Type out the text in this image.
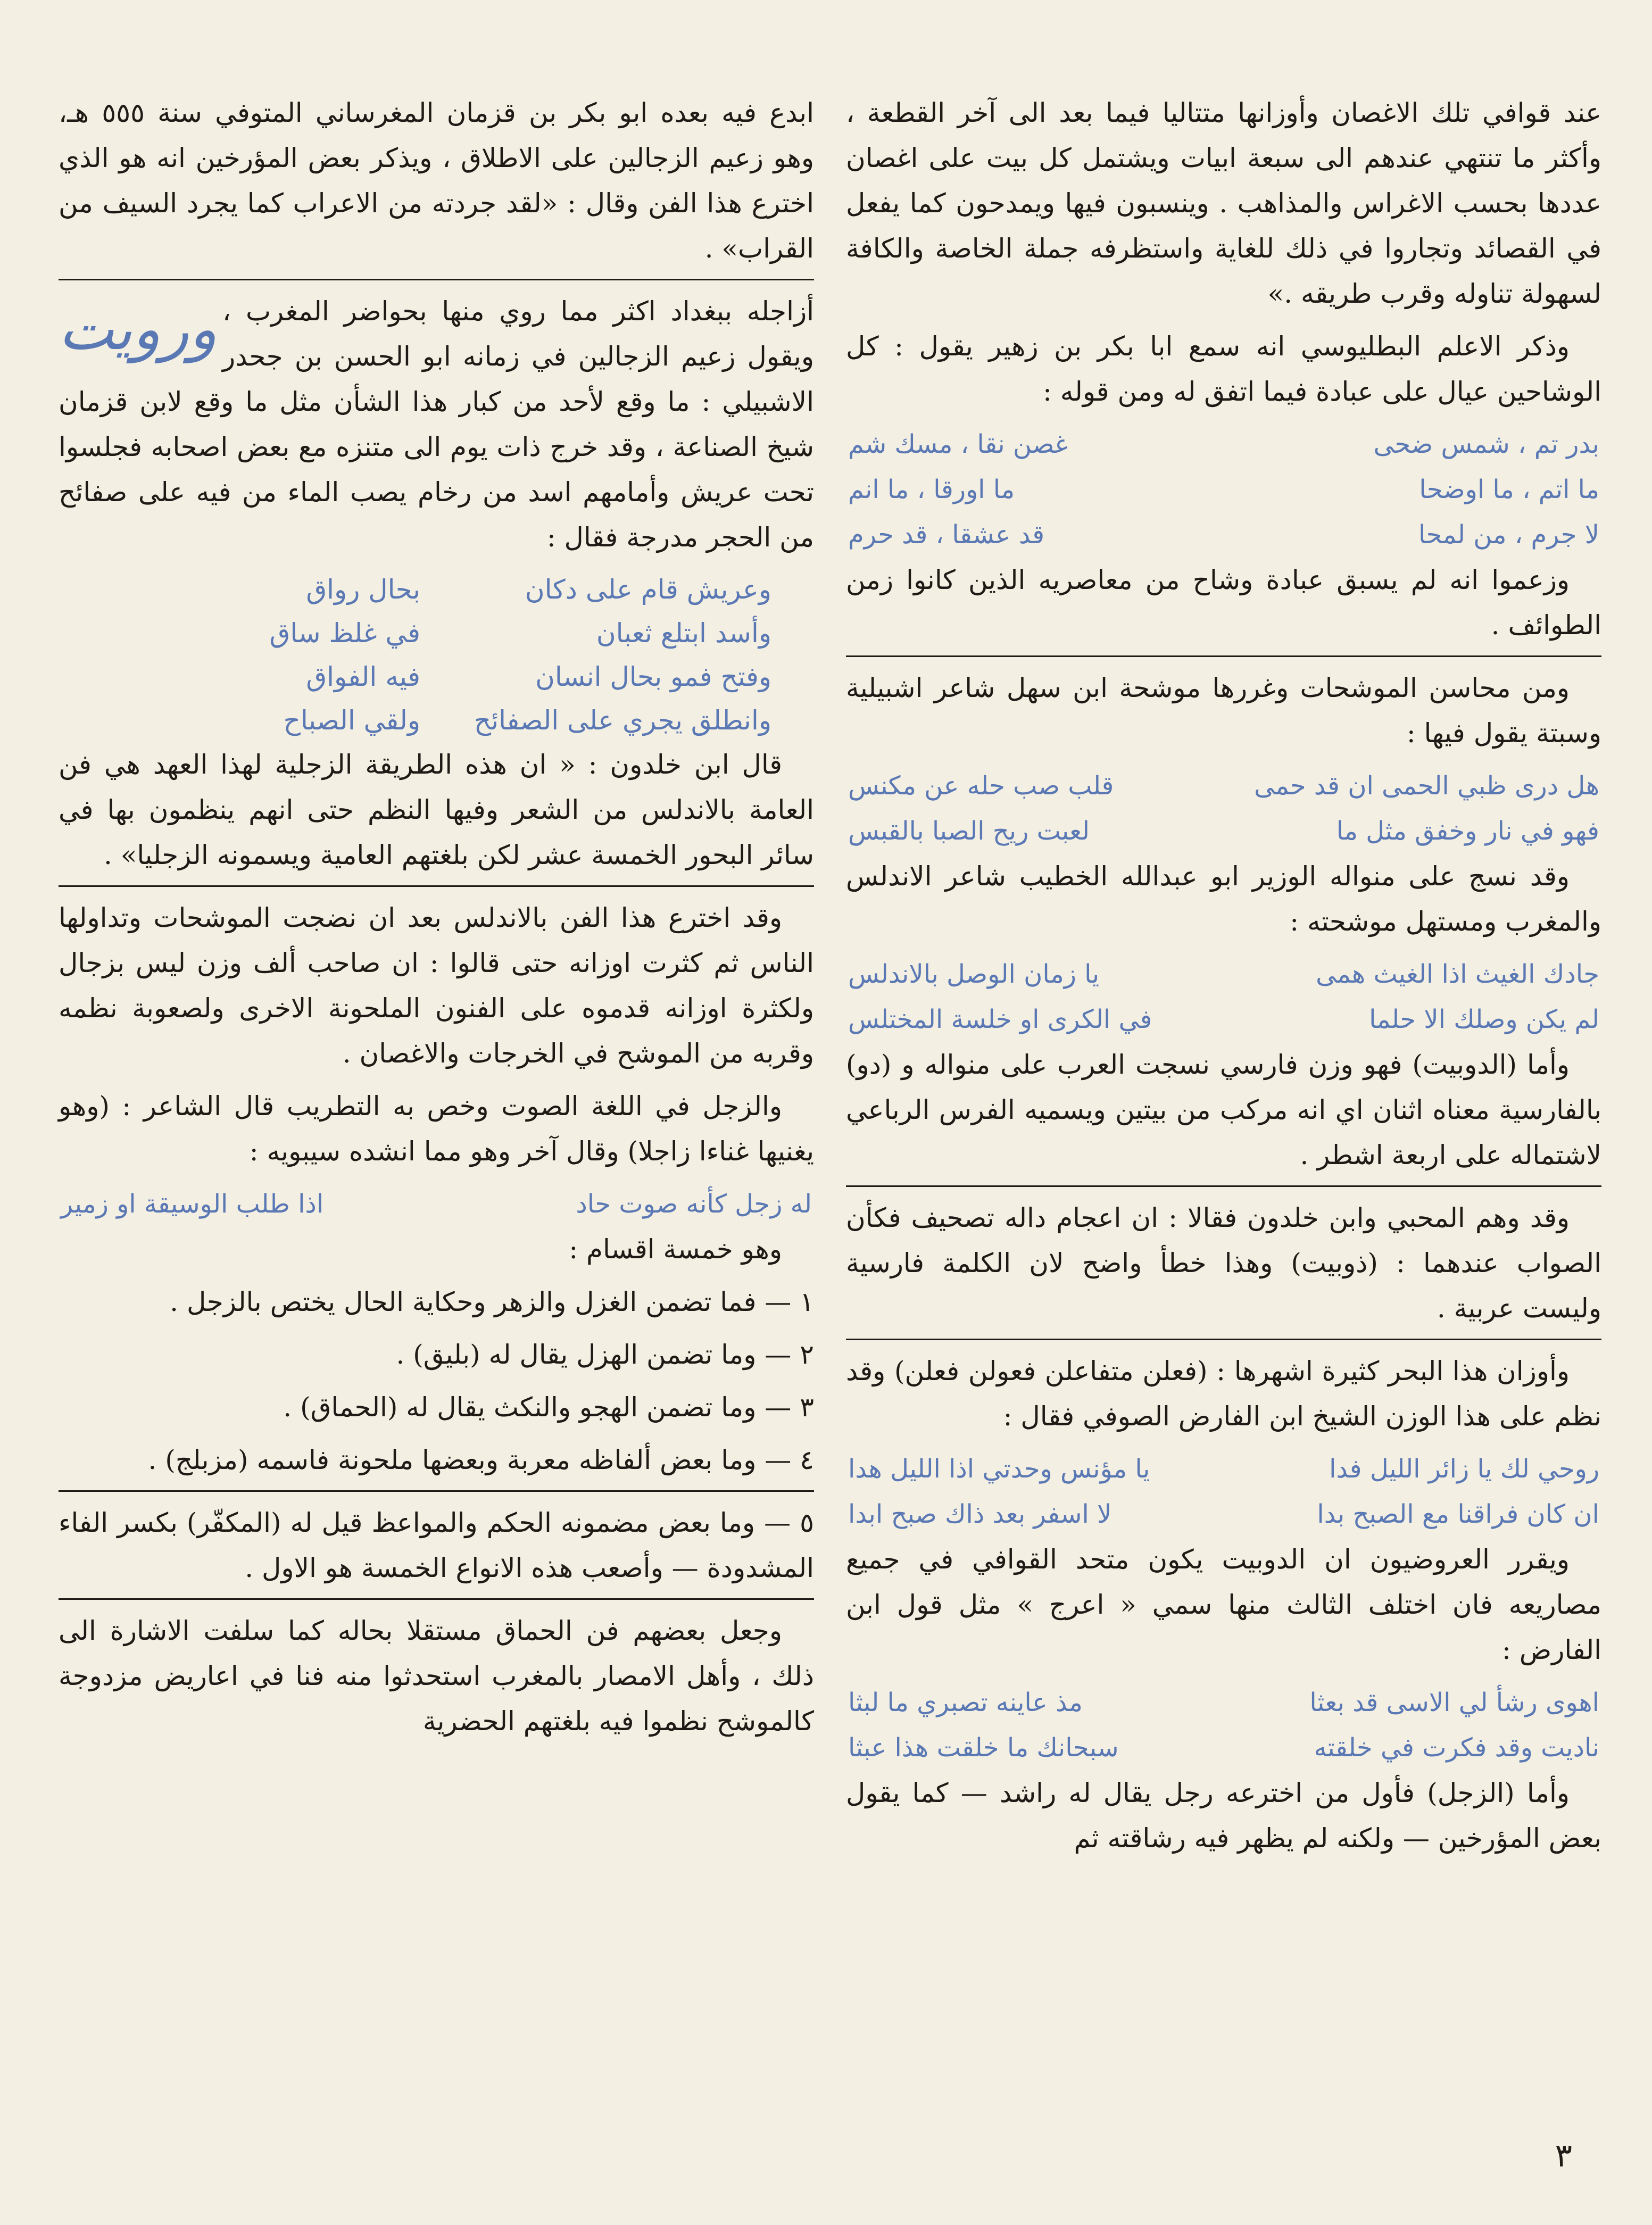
عند قوافي تلك الاغصان وأوزانها متتاليا فيما بعد الى آخر القطعة ، وأكثر ما تنتهي عندهم الى سبعة ابيات ويشتمل كل بيت على اغصان عددها بحسب الاغراس والمذاهب . وينسبون فيها ويمدحون كما يفعل في القصائد وتجاروا في ذلك للغاية واستظرفه جملة الخاصة والكافة لسهولة تناوله وقرب طريقه .»

وذكر الاعلم البطليوسي انه سمع ابا بكر بن زهير يقول : كل الوشاحين عيال على عبادة فيما اتفق له ومن قوله :

بدر تم ، شمس ضحى
غصن نقا ، مسك شم
ما اتم ، ما اوضحا
ما اورقا ، ما انم
لا جرم ، من لمحا
قد عشقا ، قد حرم

وزعموا انه لم يسبق عبادة وشاح من معاصريه الذين كانوا زمن الطوائف .

ومن محاسن الموشحات وغررها موشحة ابن سهل شاعر اشبيلية وسبتة يقول فيها :

هل درى ظبي الحمى ان قد حمى
قلب صب حله عن مكنس
فهو في نار وخفق مثل ما
لعبت ريح الصبا بالقبس

وقد نسج على منواله الوزير ابو عبدالله الخطيب شاعر الاندلس والمغرب ومستهل موشحته :

جادك الغيث اذا الغيث همى
يا زمان الوصل بالاندلس
لم يكن وصلك الا حلما
في الكرى او خلسة المختلس

وأما (الدوبيت) فهو وزن فارسي نسجت العرب على منواله و (دو) بالفارسية معناه اثنان اي انه مركب من بيتين ويسميه الفرس الرباعي لاشتماله على اربعة اشطر .

وقد وهم المحبي وابن خلدون فقالا : ان اعجام داله تصحيف فكأن الصواب عندهما : (ذوبيت) وهذا خطأ واضح لان الكلمة فارسية وليست عربية .

وأوزان هذا البحر كثيرة اشهرها : (فعلن متفاعلن فعولن فعلن) وقد نظم على هذا الوزن الشيخ ابن الفارض الصوفي فقال :

روحي لك يا زائر الليل فدا
يا مؤنس وحدتي اذا الليل هدا
ان كان فراقنا مع الصبح بدا
لا اسفر بعد ذاك صبح ابدا

ويقرر العروضيون ان الدوبيت يكون متحد القوافي في جميع مصاريعه فان اختلف الثالث منها سمي « اعرج » مثل قول ابن الفارض :

اهوى رشأ لي الاسى قد بعثا
مذ عاينه تصبري ما لبثا
ناديت وقد فكرت في خلقته
سبحانك ما خلقت هذا عبثا

وأما (الزجل) فأول من اخترعه رجل يقال له راشد — كما يقول بعض المؤرخين — ولكنه لم يظهر فيه رشاقته ثم

ابدع فيه بعده ابو بكر بن قزمان المغرساني المتوفي سنة ٥٥٥ هـ، وهو زعيم الزجالين على الاطلاق ، ويذكر بعض المؤرخين انه هو الذي اخترع هذا الفن وقال : «لقد جردته من الاعراب كما يجرد السيف من القراب» .

ورويت أزاجله ببغداد اكثر مما روي منها بحواضر المغرب ، ويقول زعيم الزجالين في زمانه ابو الحسن بن جحدر الاشبيلي : ما وقع لأحد من كبار هذا الشأن مثل ما وقع لابن قزمان شيخ الصناعة ، وقد خرج ذات يوم الى متنزه مع بعض اصحابه فجلسوا تحت عريش وأمامهم اسد من رخام يصب الماء من فيه على صفائح من الحجر مدرجة فقال :

وعريش قام على دكان
بحال رواق
وأسد ابتلع ثعبان
في غلظ ساق
وفتح فمو بحال انسان
فيه الفواق
وانطلق يجري على الصفائح
ولقي الصباح

قال ابن خلدون : « ان هذه الطريقة الزجلية لهذا العهد هي فن العامة بالاندلس من الشعر وفيها النظم حتى انهم ينظمون بها في سائر البحور الخمسة عشر لكن بلغتهم العامية ويسمونه الزجليا» .

وقد اخترع هذا الفن بالاندلس بعد ان نضجت الموشحات وتداولها الناس ثم كثرت اوزانه حتى قالوا : ان صاحب ألف وزن ليس بزجال ولكثرة اوزانه قدموه على الفنون الملحونة الاخرى ولصعوبة نظمه وقربه من الموشح في الخرجات والاغصان .

والزجل في اللغة الصوت وخص به التطريب قال الشاعر : (وهو يغنيها غناءا زاجلا) وقال آخر وهو مما انشده سيبويه :

له زجل كأنه صوت حاد
اذا طلب الوسيقة او زمير

وهو خمسة اقسام :

١ — فما تضمن الغزل والزهر وحكاية الحال يختص بالزجل .

٢ — وما تضمن الهزل يقال له (بليق) .

٣ — وما تضمن الهجو والنكث يقال له (الحماق) .

٤ — وما بعض ألفاظه معربة وبعضها ملحونة فاسمه (مزبلج) .

٥ — وما بعض مضمونه الحكم والمواعظ قيل له (المكفّر) بكسر الفاء المشدودة — وأصعب هذه الانواع الخمسة هو الاول .

وجعل بعضهم فن الحماق مستقلا بحاله كما سلفت الاشارة الى ذلك ، وأهل الامصار بالمغرب استحدثوا منه فنا في اعاريض مزدوجة كالموشح نظموا فيه بلغتهم الحضرية

٣
